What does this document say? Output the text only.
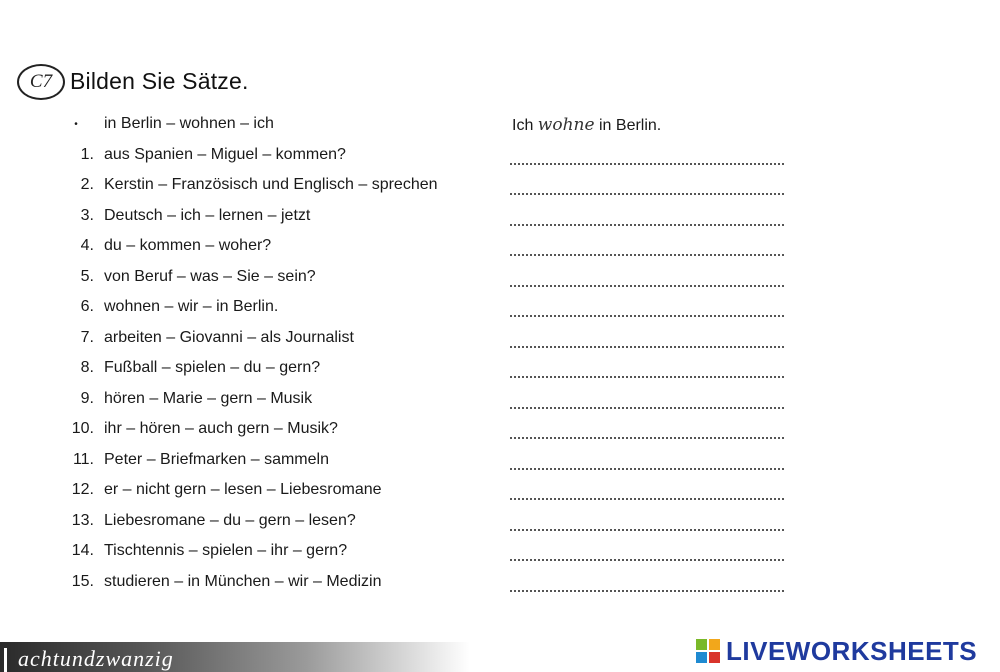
C7 Bilden Sie Sätze.
•	in Berlin – wohnen – ich	Ich wohne in Berlin.
1. aus Spanien – Miguel – kommen?
2. Kerstin – Französisch und Englisch – sprechen
3. Deutsch – ich – lernen – jetzt
4. du – kommen – woher?
5. von Beruf – was – Sie – sein?
6. wohnen – wir – in Berlin.
7. arbeiten – Giovanni – als Journalist
8. Fußball – spielen – du – gern?
9. hören – Marie – gern – Musik
10. ihr – hören – auch gern – Musik?
11. Peter – Briefmarken – sammeln
12. er – nicht gern – lesen – Liebesromane
13. Liebesromane – du – gern – lesen?
14. Tischtennis – spielen – ihr – gern?
15. studieren – in München – wir – Medizin
achtundzwanzig	LIVEWORKSHEETS
